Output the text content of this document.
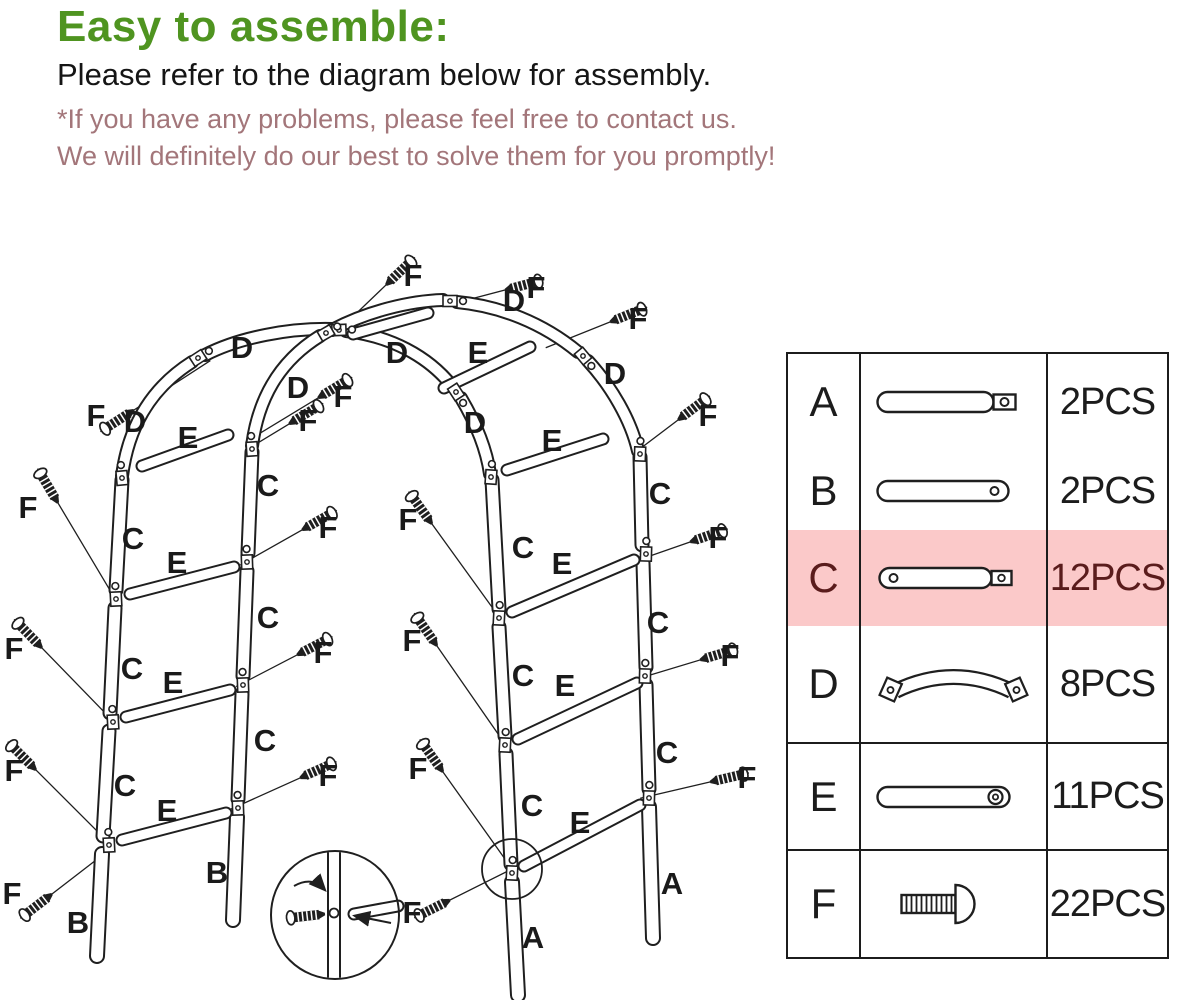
Easy to assemble:
Please refer to the diagram below for assembly.
*If you have any problems, please feel free to contact us.
We will definitely do our best to solve them for you promptly!
F
D F
F
D	D E
D	D
F
F
F D E	D
E
F
C	C
F	F
F	F
C	C
E	E
C	C
F	F
F	F
C	C
E	E
C	C
F	F
F	F
C
C
E	E
B	A
F
B	F
A
A	2PCS
B	2PCS
C	12PCS
D	8PCS
E	11PCS
F	22PCS
